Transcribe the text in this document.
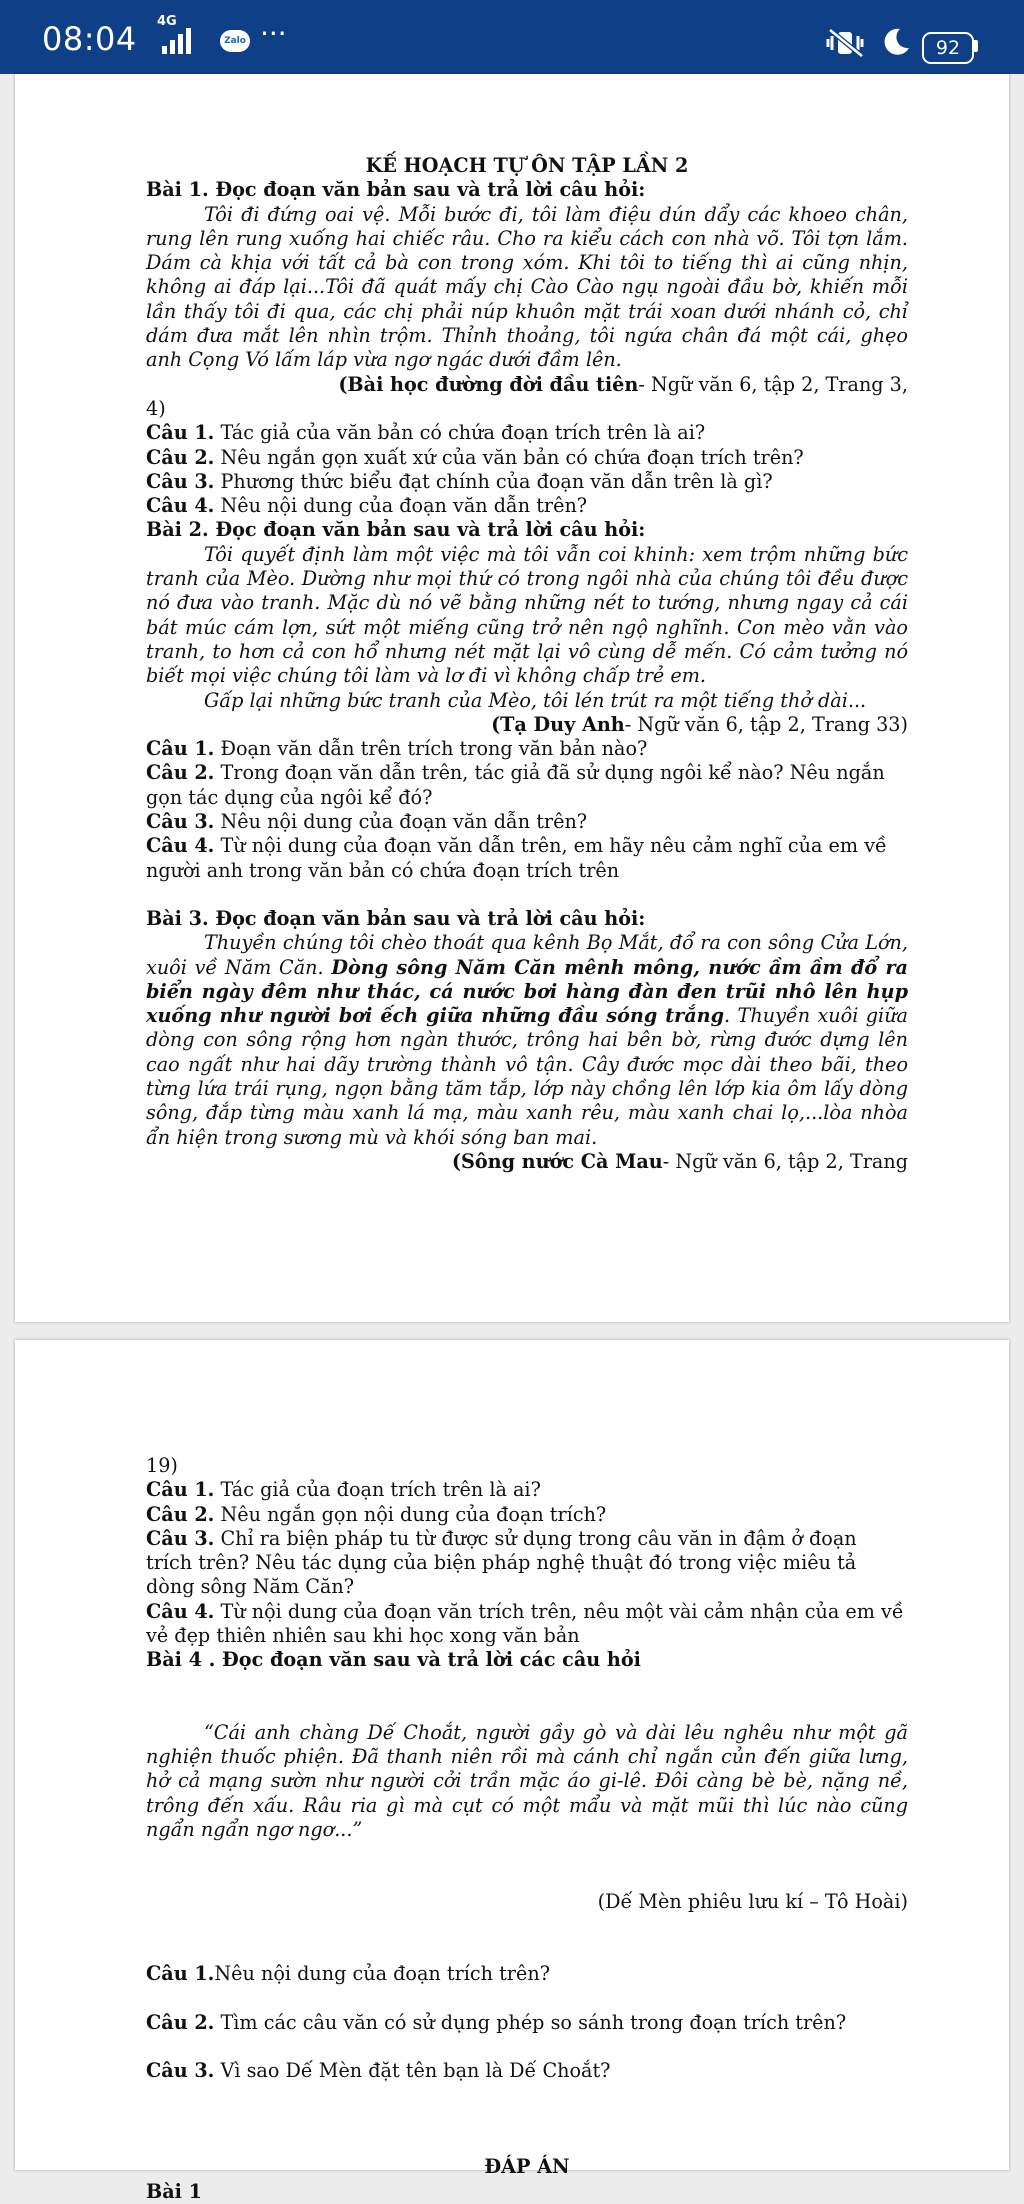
08:04 4G
Zalo ···	92

KẾ HOẠCH TỰ ÔN TẬP LẦN 2

Bài 1. Đọc đoạn văn bản sau và trả lời câu hỏi:

Tôi đi đứng oai vệ. Mỗi bước đi, tôi làm điệu dún dẩy các khoeo chân, rung lên rung xuống hai chiếc râu. Cho ra kiểu cách con nhà võ. Tôi tợn lắm. Dám cà khịa với tất cả bà con trong xóm. Khi tôi to tiếng thì ai cũng nhịn, không ai đáp lại...Tôi đã quát mấy chị Cào Cào ngụ ngoài đầu bờ, khiến mỗi lần thấy tôi đi qua, các chị phải núp khuôn mặt trái xoan dưới nhánh cỏ, chỉ dám đưa mắt lên nhìn trộm. Thỉnh thoảng, tôi ngứa chân đá một cái, ghẹo anh Cọng Vó lấm láp vừa ngơ ngác dưới đầm lên.

(Bài học đường đời đầu tiên- Ngữ văn 6, tập 2, Trang 3,

4)

Câu 1. Tác giả của văn bản có chứa đoạn trích trên là ai?

Câu 2. Nêu ngắn gọn xuất xứ của văn bản có chứa đoạn trích trên?

Câu 3. Phương thức biểu đạt chính của đoạn văn dẫn trên là gì?

Câu 4. Nêu nội dung của đoạn văn dẫn trên?

Bài 2. Đọc đoạn văn bản sau và trả lời câu hỏi:

Tôi quyết định làm một việc mà tôi vẫn coi khinh: xem trộm những bức tranh của Mèo. Dường như mọi thứ có trong ngôi nhà của chúng tôi đều được nó đưa vào tranh. Mặc dù nó vẽ bằng những nét to tướng, nhưng ngay cả cái bát múc cám lợn, sứt một miếng cũng trở nên ngộ nghĩnh. Con mèo vằn vào tranh, to hơn cả con hổ nhưng nét mặt lại vô cùng dễ mến. Có cảm tưởng nó biết mọi việc chúng tôi làm và lơ đi vì không chấp trẻ em.

Gấp lại những bức tranh của Mèo, tôi lén trút ra một tiếng thở dài...

(Tạ Duy Anh- Ngữ văn 6, tập 2, Trang 33)

Câu 1. Đoạn văn dẫn trên trích trong văn bản nào?

Câu 2. Trong đoạn văn dẫn trên, tác giả đã sử dụng ngôi kể nào? Nêu ngắn gọn tác dụng của ngôi kể đó?

Câu 3. Nêu nội dung của đoạn văn dẫn trên?

Câu 4. Từ nội dung của đoạn văn dẫn trên, em hãy nêu cảm nghĩ của em về người anh trong văn bản có chứa đoạn trích trên

Bài 3. Đọc đoạn văn bản sau và trả lời câu hỏi:

Thuyền chúng tôi chèo thoát qua kênh Bọ Mắt, đổ ra con sông Cửa Lớn, xuôi về Năm Căn. Dòng sông Năm Căn mênh mông, nước ầm ầm đổ ra biển ngày đêm như thác, cá nước bơi hàng đàn đen trũi nhô lên hụp xuống như người bơi ếch giữa những đầu sóng trắng. Thuyền xuôi giữa dòng con sông rộng hơn ngàn thước, trông hai bên bờ, rừng đước dựng lên cao ngất như hai dãy trường thành vô tận. Cây đước mọc dài theo bãi, theo từng lứa trái rụng, ngọn bằng tăm tắp, lớp này chồng lên lớp kia ôm lấy dòng sông, đắp từng màu xanh lá mạ, màu xanh rêu, màu xanh chai lọ,...lòa nhòa ẩn hiện trong sương mù và khói sóng ban mai.

(Sông nước Cà Mau- Ngữ văn 6, tập 2, Trang

19)

Câu 1. Tác giả của đoạn trích trên là ai?

Câu 2. Nêu ngắn gọn nội dung của đoạn trích?

Câu 3. Chỉ ra biện pháp tu từ được sử dụng trong câu văn in đậm ở đoạn trích trên? Nêu tác dụng của biện pháp nghệ thuật đó trong việc miêu tả dòng sông Năm Căn?

Câu 4. Từ nội dung của đoạn văn trích trên, nêu một vài cảm nhận của em về vẻ đẹp thiên nhiên sau khi học xong văn bản

Bài 4 . Đọc đoạn văn sau và trả lời các câu hỏi

“Cái anh chàng Dế Choắt, người gầy gò và dài lêu nghêu như một gã nghiện thuốc phiện. Đã thanh niên rồi mà cánh chỉ ngắn củn đến giữa lưng, hở cả mạng sườn như người cởi trần mặc áo gi-lê. Đôi càng bè bè, nặng nề, trông đến xấu. Râu ria gì mà cụt có một mẩu và mặt mũi thì lúc nào cũng ngẩn ngẩn ngơ ngơ...”

(Dế Mèn phiêu lưu kí – Tô Hoài)

Câu 1.Nêu nội dung của đoạn trích trên?

Câu 2. Tìm các câu văn có sử dụng phép so sánh trong đoạn trích trên?

Câu 3. Vì sao Dế Mèn đặt tên bạn là Dế Choắt?

ĐÁP ÁN

Bài 1
